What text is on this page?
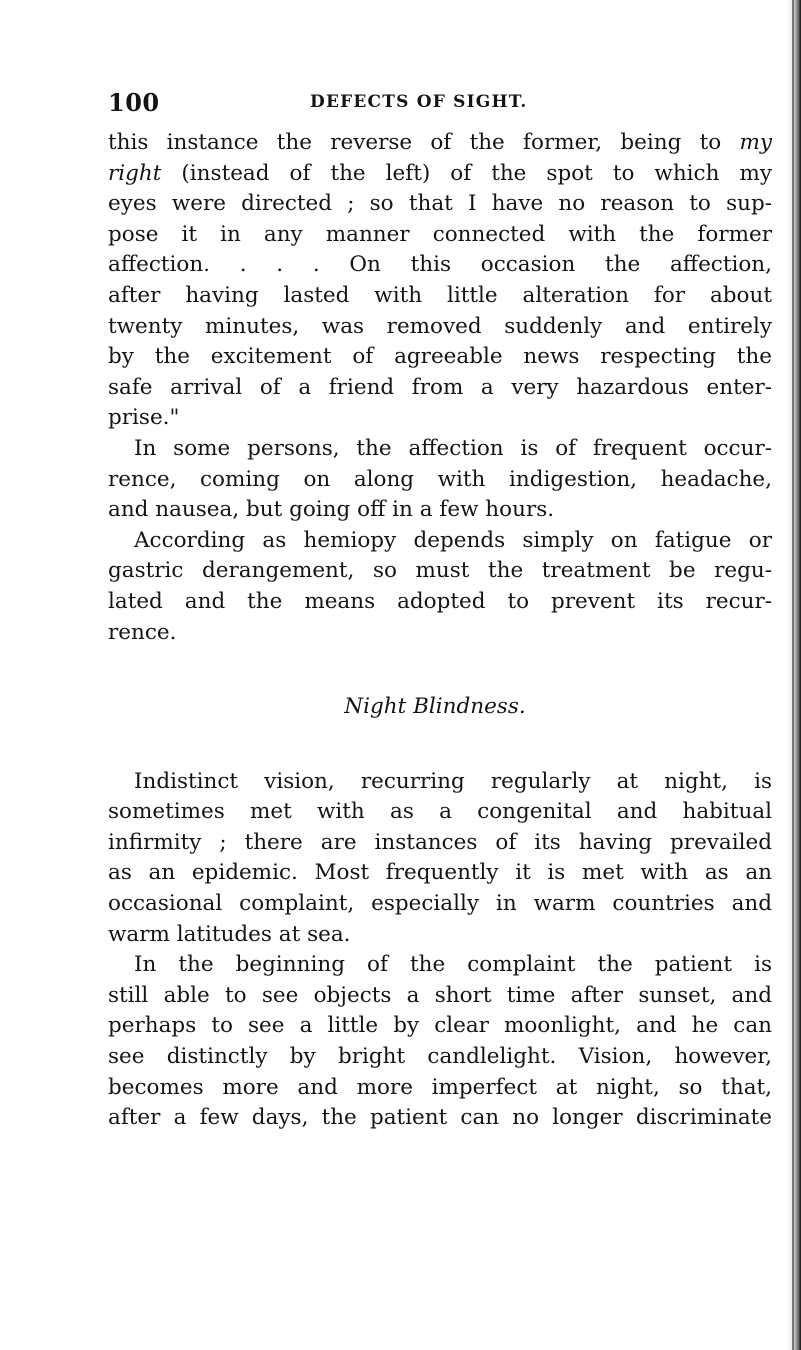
100	DEFECTS OF SIGHT.
this instance the reverse of the former, being to my
right (instead of the left) of the spot to which my
eyes were directed ; so that I have no reason to sup-
pose it in any manner connected with the former
affection. . . . On this occasion the affection,
after having lasted with little alteration for about
twenty minutes, was removed suddenly and entirely
by the excitement of agreeable news respecting the
safe arrival of a friend from a very hazardous enter-
prise."
In some persons, the affection is of frequent occur-
rence, coming on along with indigestion, headache,
and nausea, but going off in a few hours.
According as hemiopy depends simply on fatigue or
gastric derangement, so must the treatment be regu-
lated and the means adopted to prevent its recur-
rence.
Night Blindness.
Indistinct vision, recurring regularly at night, is
sometimes met with as a congenital and habitual
infirmity ; there are instances of its having prevailed
as an epidemic. Most frequently it is met with as an
occasional complaint, especially in warm countries and
warm latitudes at sea.
In the beginning of the complaint the patient is
still able to see objects a short time after sunset, and
perhaps to see a little by clear moonlight, and he can
see distinctly by bright candlelight. Vision, however,
becomes more and more imperfect at night, so that,
after a few days, the patient can no longer discriminate
